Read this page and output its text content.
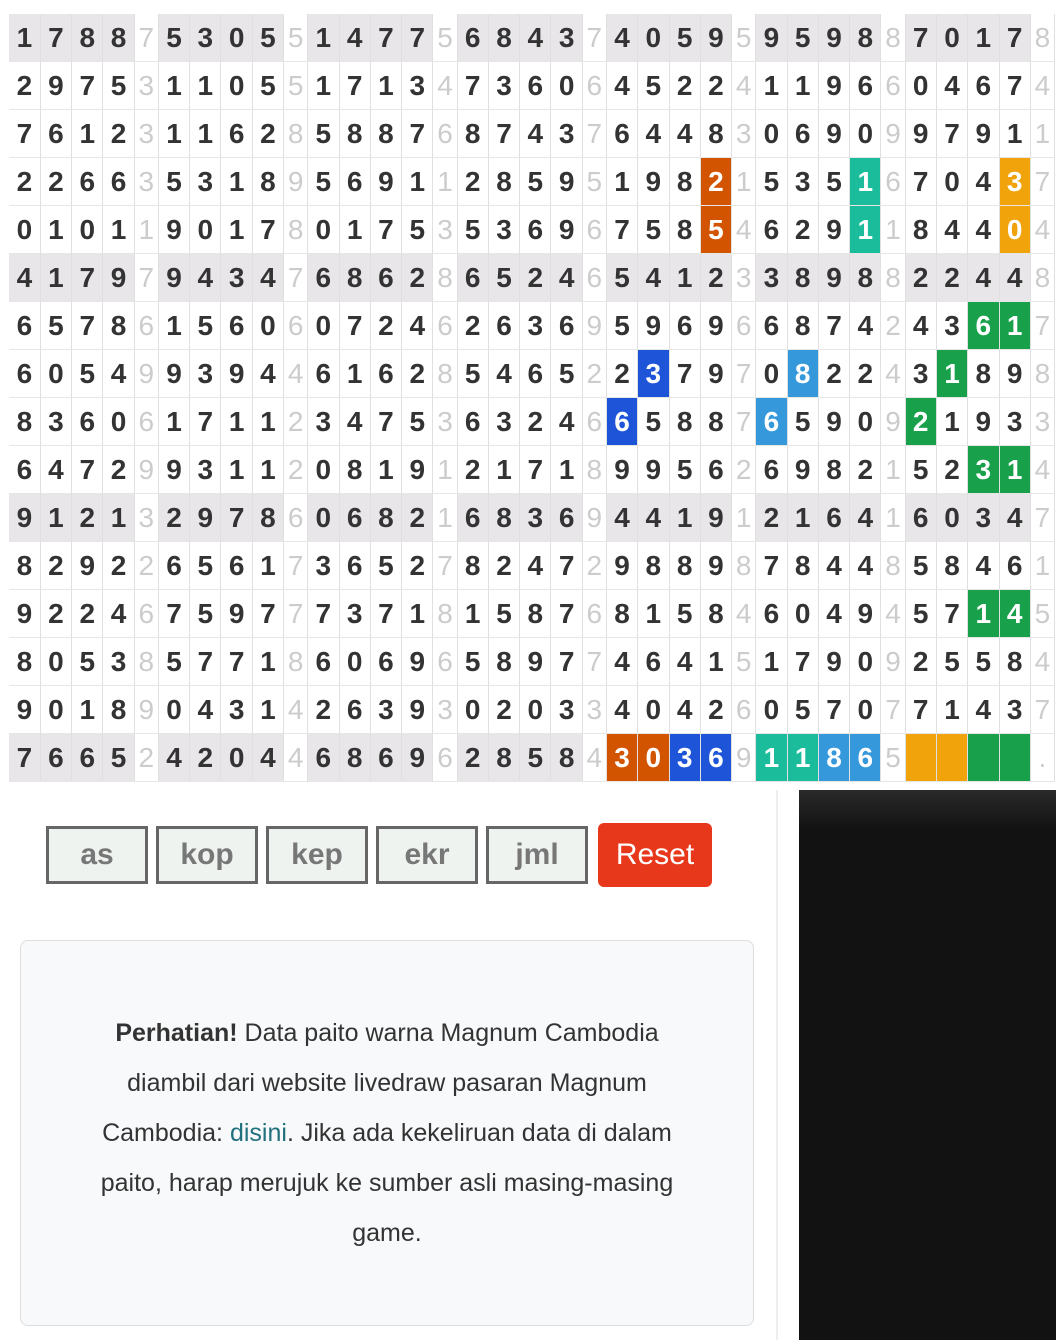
1	7	8	8	7	5	3	0	5	5	1	4	7	7	5	6	8	4	3	7	4	0	5	9	5	9	5	9	8	8	7	0	1	7	8
2	9	7	5	3	1	1	0	5	5	1	7	1	3	4	7	3	6	0	6	4	5	2	2	4	1	1	9	6	6	0	4	6	7	4
7	6	1	2	3	1	1	6	2	8	5	8	8	7	6	8	7	4	3	7	6	4	4	8	3	0	6	9	0	9	9	7	9	1	1
2	2	6	6	3	5	3	1	8	9	5	6	9	1	1	2	8	5	9	5	1	9	8	2	1	5	3	5	1	6	7	0	4	3	7
0	1	0	1	1	9	0	1	7	8	0	1	7	5	3	5	3	6	9	6	7	5	8	5	4	6	2	9	1	1	8	4	4	0	4
4	1	7	9	7	9	4	3	4	7	6	8	6	2	8	6	5	2	4	6	5	4	1	2	3	3	8	9	8	8	2	2	4	4	8
6	5	7	8	6	1	5	6	0	6	0	7	2	4	6	2	6	3	6	9	5	9	6	9	6	6	8	7	4	2	4	3	6	1	7
6	0	5	4	9	9	3	9	4	4	6	1	6	2	8	5	4	6	5	2	2	3	7	9	7	0	8	2	2	4	3	1	8	9	8
8	3	6	0	6	1	7	1	1	2	3	4	7	5	3	6	3	2	4	6	6	5	8	8	7	6	5	9	0	9	2	1	9	3	3
6	4	7	2	9	9	3	1	1	2	0	8	1	9	1	2	1	7	1	8	9	9	5	6	2	6	9	8	2	1	5	2	3	1	4
9	1	2	1	3	2	9	7	8	6	0	6	8	2	1	6	8	3	6	9	4	4	1	9	1	2	1	6	4	1	6	0	3	4	7
8	2	9	2	2	6	5	6	1	7	3	6	5	2	7	8	2	4	7	2	9	8	8	9	8	7	8	4	4	8	5	8	4	6	1
9	2	2	4	6	7	5	9	7	7	7	3	7	1	8	1	5	8	7	6	8	1	5	8	4	6	0	4	9	4	5	7	1	4	5
8	0	5	3	8	5	7	7	1	8	6	0	6	9	6	5	8	9	7	7	4	6	4	1	5	1	7	9	0	9	2	5	5	8	4
9	0	1	8	9	0	4	3	1	4	2	6	3	9	3	0	2	0	3	3	4	0	4	2	6	0	5	7	0	7	7	1	4	3	7
7	6	6	5	2	4	2	0	4	4	6	8	6	9	6	2	8	5	8	4	3	0	3	6	9	1	1	8	6	5					.
as
kop
kep
ekr
jml
Reset

Perhatian! Data paito warna Magnum Cambodia diambil dari website livedraw pasaran Magnum Cambodia: disini. Jika ada kekeliruan data di dalam paito, harap merujuk ke sumber asli masing-masing game.
